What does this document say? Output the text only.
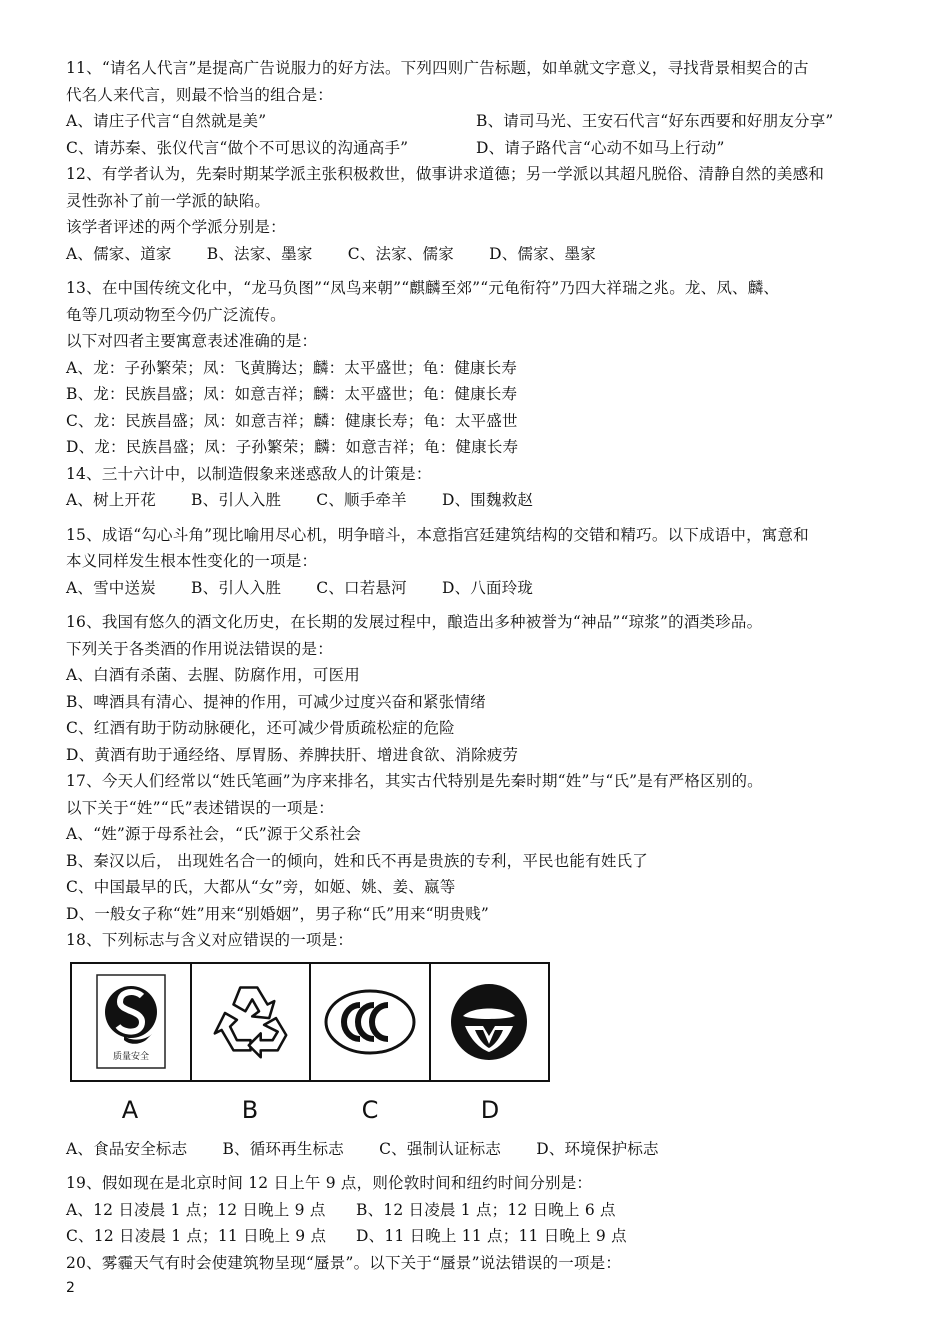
11、“请名人代言”是提高广告说服力的好方法。下列四则广告标题，如单就文字意义，寻找背景相契合的古
代名人来代言，则最不恰当的组合是：
A、请庄子代言“自然就是美”	B、请司马光、王安石代言“好东西要和好朋友分享”
C、请苏秦、张仪代言“做个不可思议的沟通高手”	D、请子路代言“心动不如马上行动”
12、有学者认为，先秦时期某学派主张积极救世，做事讲求道德；另一学派以其超凡脱俗、清静自然的美感和
灵性弥补了前一学派的缺陷。
该学者评述的两个学派分别是：
A、儒家、道家 B、法家、墨家 C、法家、儒家 D、儒家、墨家
13、在中国传统文化中，“龙马负图”“凤鸟来朝”“麒麟至郊”“元龟衔符”乃四大祥瑞之兆。龙、凤、麟、
龟等几项动物至今仍广泛流传。
以下对四者主要寓意表述准确的是：
A、龙：子孙繁荣；凤：飞黄腾达；麟：太平盛世；龟：健康长寿
B、龙：民族昌盛；凤：如意吉祥；麟：太平盛世；龟：健康长寿
C、龙：民族昌盛；凤：如意吉祥；麟：健康长寿；龟：太平盛世
D、龙：民族昌盛；凤：子孙繁荣；麟：如意吉祥；龟：健康长寿
14、三十六计中，以制造假象来迷惑敌人的计策是：
A、树上开花 B、引人入胜 C、顺手牵羊 D、围魏救赵
15、成语“勾心斗角”现比喻用尽心机，明争暗斗，本意指宫廷建筑结构的交错和精巧。以下成语中，寓意和
本义同样发生根本性变化的一项是：
A、雪中送炭 B、引人入胜 C、口若悬河 D、八面玲珑
16、我国有悠久的酒文化历史，在长期的发展过程中，酿造出多种被誉为“神品”“琼浆”的酒类珍品。
下列关于各类酒的作用说法错误的是：
A、白酒有杀菌、去腥、防腐作用，可医用
B、啤酒具有清心、提神的作用，可减少过度兴奋和紧张情绪
C、红酒有助于防动脉硬化，还可减少骨质疏松症的危险
D、黄酒有助于通经络、厚胃肠、养脾扶肝、增进食欲、消除疲劳
17、今天人们经常以“姓氏笔画”为序来排名，其实古代特别是先秦时期“姓”与“氏”是有严格区别的。
以下关于“姓”“氏”表述错误的一项是：
A、“姓”源于母系社会，“氏”源于父系社会
B、秦汉以后， 出现姓名合一的倾向，姓和氏不再是贵族的专利，平民也能有姓氏了
C、中国最早的氏，大都从“女”旁，如姬、姚、姜、嬴等
D、一般女子称“姓”用来“别婚姻”，男子称“氏”用来“明贵贱”
18、下列标志与含义对应错误的一项是：
质量安全
A	B	C	D
A、食品安全标志 B、循环再生标志 C、强制认证标志 D、环境保护标志
19、假如现在是北京时间 12 日上午 9 点，则伦敦时间和纽约时间分别是：
A、12 日凌晨 1 点；12 日晚上 9 点	B、12 日凌晨 1 点；12 日晚上 6 点
C、12 日凌晨 1 点；11 日晚上 9 点	D、11 日晚上 11 点；11 日晚上 9 点
20、雾霾天气有时会使建筑物呈现“蜃景”。以下关于“蜃景”说法错误的一项是：
2
